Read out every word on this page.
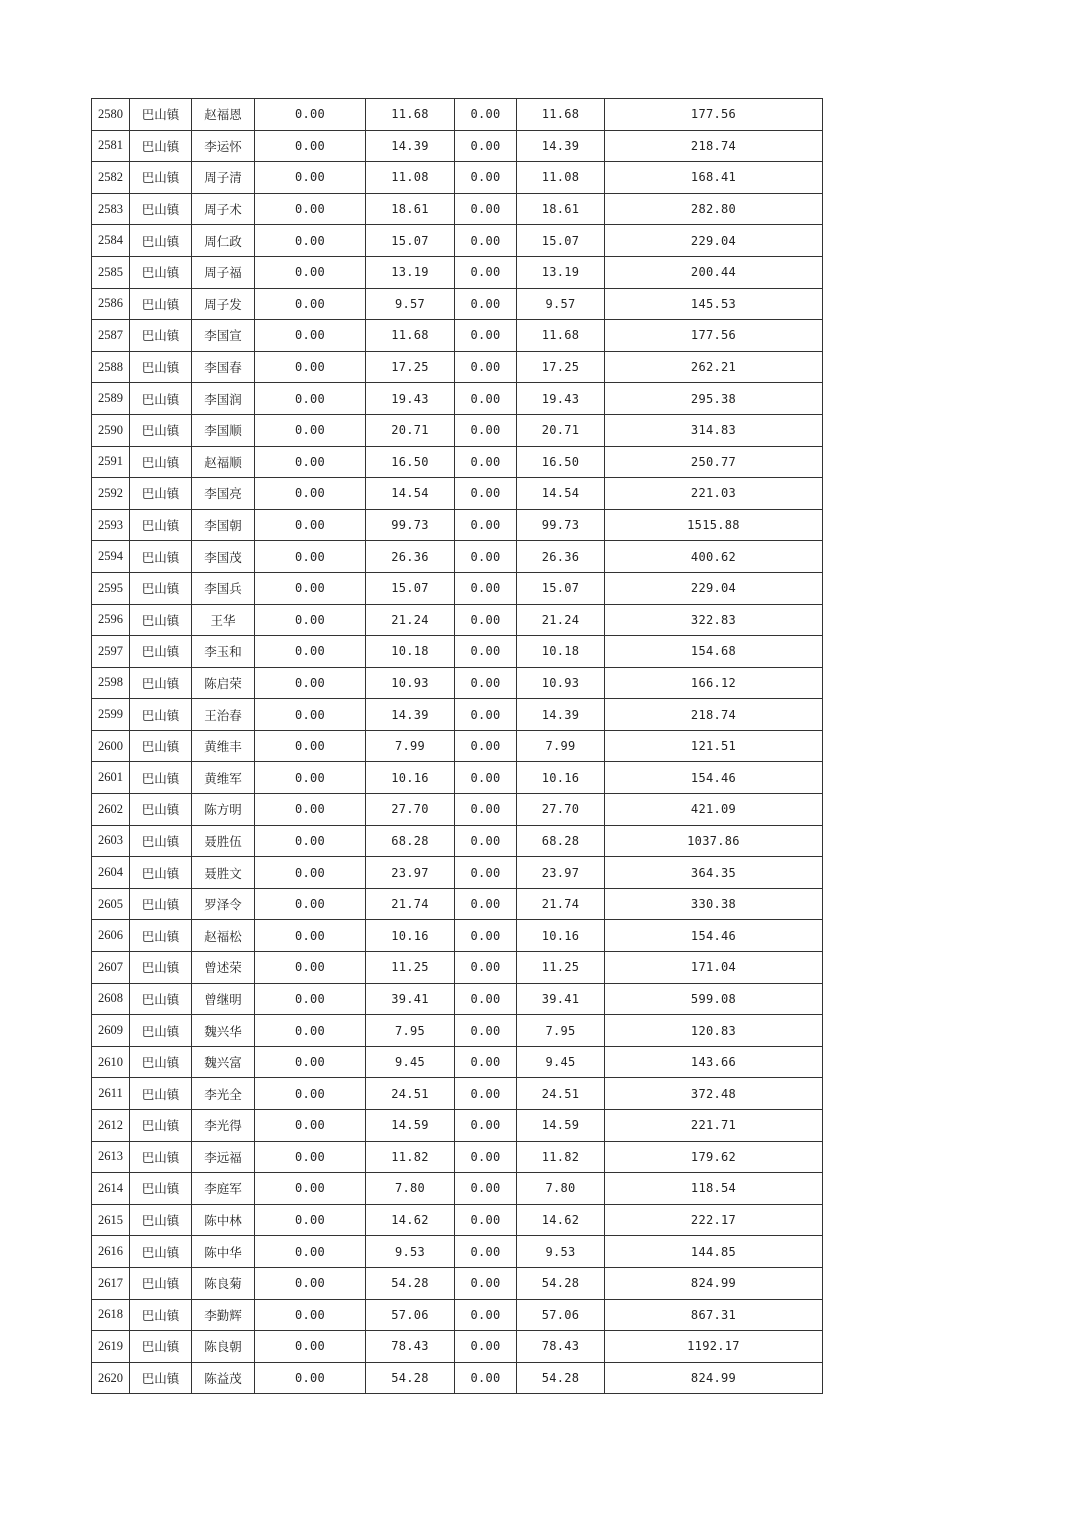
2580	巴山镇	赵福恩	0.00	11.68	0.00	11.68	177.56
2581	巴山镇	李运怀	0.00	14.39	0.00	14.39	218.74
2582	巴山镇	周子清	0.00	11.08	0.00	11.08	168.41
2583	巴山镇	周子术	0.00	18.61	0.00	18.61	282.80
2584	巴山镇	周仁政	0.00	15.07	0.00	15.07	229.04
2585	巴山镇	周子福	0.00	13.19	0.00	13.19	200.44
2586	巴山镇	周子发	0.00	9.57	0.00	9.57	145.53
2587	巴山镇	李国宣	0.00	11.68	0.00	11.68	177.56
2588	巴山镇	李国春	0.00	17.25	0.00	17.25	262.21
2589	巴山镇	李国润	0.00	19.43	0.00	19.43	295.38
2590	巴山镇	李国顺	0.00	20.71	0.00	20.71	314.83
2591	巴山镇	赵福顺	0.00	16.50	0.00	16.50	250.77
2592	巴山镇	李国亮	0.00	14.54	0.00	14.54	221.03
2593	巴山镇	李国朝	0.00	99.73	0.00	99.73	1515.88
2594	巴山镇	李国茂	0.00	26.36	0.00	26.36	400.62
2595	巴山镇	李国兵	0.00	15.07	0.00	15.07	229.04
2596	巴山镇	王华	0.00	21.24	0.00	21.24	322.83
2597	巴山镇	李玉和	0.00	10.18	0.00	10.18	154.68
2598	巴山镇	陈启荣	0.00	10.93	0.00	10.93	166.12
2599	巴山镇	王治春	0.00	14.39	0.00	14.39	218.74
2600	巴山镇	黄维丰	0.00	7.99	0.00	7.99	121.51
2601	巴山镇	黄维军	0.00	10.16	0.00	10.16	154.46
2602	巴山镇	陈方明	0.00	27.70	0.00	27.70	421.09
2603	巴山镇	聂胜伍	0.00	68.28	0.00	68.28	1037.86
2604	巴山镇	聂胜文	0.00	23.97	0.00	23.97	364.35
2605	巴山镇	罗泽令	0.00	21.74	0.00	21.74	330.38
2606	巴山镇	赵福松	0.00	10.16	0.00	10.16	154.46
2607	巴山镇	曾述荣	0.00	11.25	0.00	11.25	171.04
2608	巴山镇	曾继明	0.00	39.41	0.00	39.41	599.08
2609	巴山镇	魏兴华	0.00	7.95	0.00	7.95	120.83
2610	巴山镇	魏兴富	0.00	9.45	0.00	9.45	143.66
2611	巴山镇	李光全	0.00	24.51	0.00	24.51	372.48
2612	巴山镇	李光得	0.00	14.59	0.00	14.59	221.71
2613	巴山镇	李远福	0.00	11.82	0.00	11.82	179.62
2614	巴山镇	李庭军	0.00	7.80	0.00	7.80	118.54
2615	巴山镇	陈中林	0.00	14.62	0.00	14.62	222.17
2616	巴山镇	陈中华	0.00	9.53	0.00	9.53	144.85
2617	巴山镇	陈良菊	0.00	54.28	0.00	54.28	824.99
2618	巴山镇	李勤辉	0.00	57.06	0.00	57.06	867.31
2619	巴山镇	陈良朝	0.00	78.43	0.00	78.43	1192.17
2620	巴山镇	陈益茂	0.00	54.28	0.00	54.28	824.99
